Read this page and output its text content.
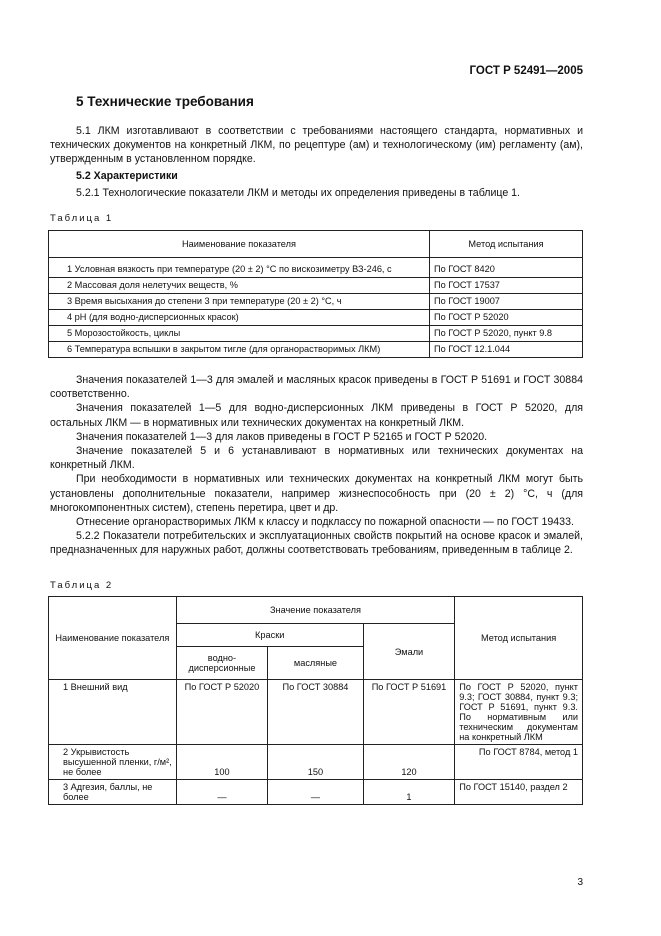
ГОСТ Р 52491—2005
5 Технические требования

5.1 ЛКМ изготавливают в соответствии с требованиями настоящего стандарта, нормативных и технических документов на конкретный ЛКМ, по рецептуре (ам) и технологическому (им) регламенту (ам), утвержденным в установленном порядке.

5.2 Характеристики

5.2.1 Технологические показатели ЛКМ и методы их определения приведены в таблице 1.

Таблица 1
Наименование показателя	Метод испытания
1 Условная вязкость при температуре (20 ± 2) °С по вискозиметру ВЗ-246, с	По ГОСТ 8420
2 Массовая доля нелетучих веществ, %	По ГОСТ 17537
3 Время высыхания до степени 3 при температуре (20 ± 2) °С, ч	По ГОСТ 19007
4 pH (для водно-дисперсионных красок)	По ГОСТ Р 52020
5 Морозостойкость, циклы	По ГОСТ Р 52020, пункт 9.8
6 Температура вспышки в закрытом тигле (для органорастворимых ЛКМ)	По ГОСТ 12.1.044

Значения показателей 1—3 для эмалей и масляных красок приведены в ГОСТ Р 51691 и ГОСТ 30884 соответственно.

Значения показателей 1—5 для водно-дисперсионных ЛКМ приведены в ГОСТ Р 52020, для остальных ЛКМ — в нормативных или технических документах на конкретный ЛКМ.

Значения показателей 1—3 для лаков приведены в ГОСТ Р 52165 и ГОСТ Р 52020.

Значение показателей 5 и 6 устанавливают в нормативных или технических документах на конкретный ЛКМ.

При необходимости в нормативных или технических документах на конкретный ЛКМ могут быть установлены дополнительные показатели, например жизнеспособность при (20 ± 2) °С, ч (для многокомпонентных систем), степень перетира, цвет и др.

Отнесение органорастворимых ЛКМ к классу и подклассу по пожарной опасности — по ГОСТ 19433.

5.2.2 Показатели потребительских и эксплуатационных свойств покрытий на основе красок и эмалей, предназначенных для наружных работ, должны соответствовать требованиям, приведенным в таблице 2.

Таблица 2
Наименование показателя	Значение показателя			Метод испытания
	Краски		Эмали	
	водно-дисперсионные	масляные		
1 Внешний вид	По ГОСТ Р 52020	По ГОСТ 30884	По ГОСТ Р 51691	По ГОСТ Р 52020, пункт 9.3; ГОСТ 30884, пункт 9.3; ГОСТ Р 51691, пункт 9.3. По нормативным или техническим документам на конкретный ЛКМ
2 Укрывистость высушенной пленки, г/м², не более	100	150	120	По ГОСТ 8784, метод 1
3 Адгезия, баллы, не более	—	—	1	По ГОСТ 15140, раздел 2
3
